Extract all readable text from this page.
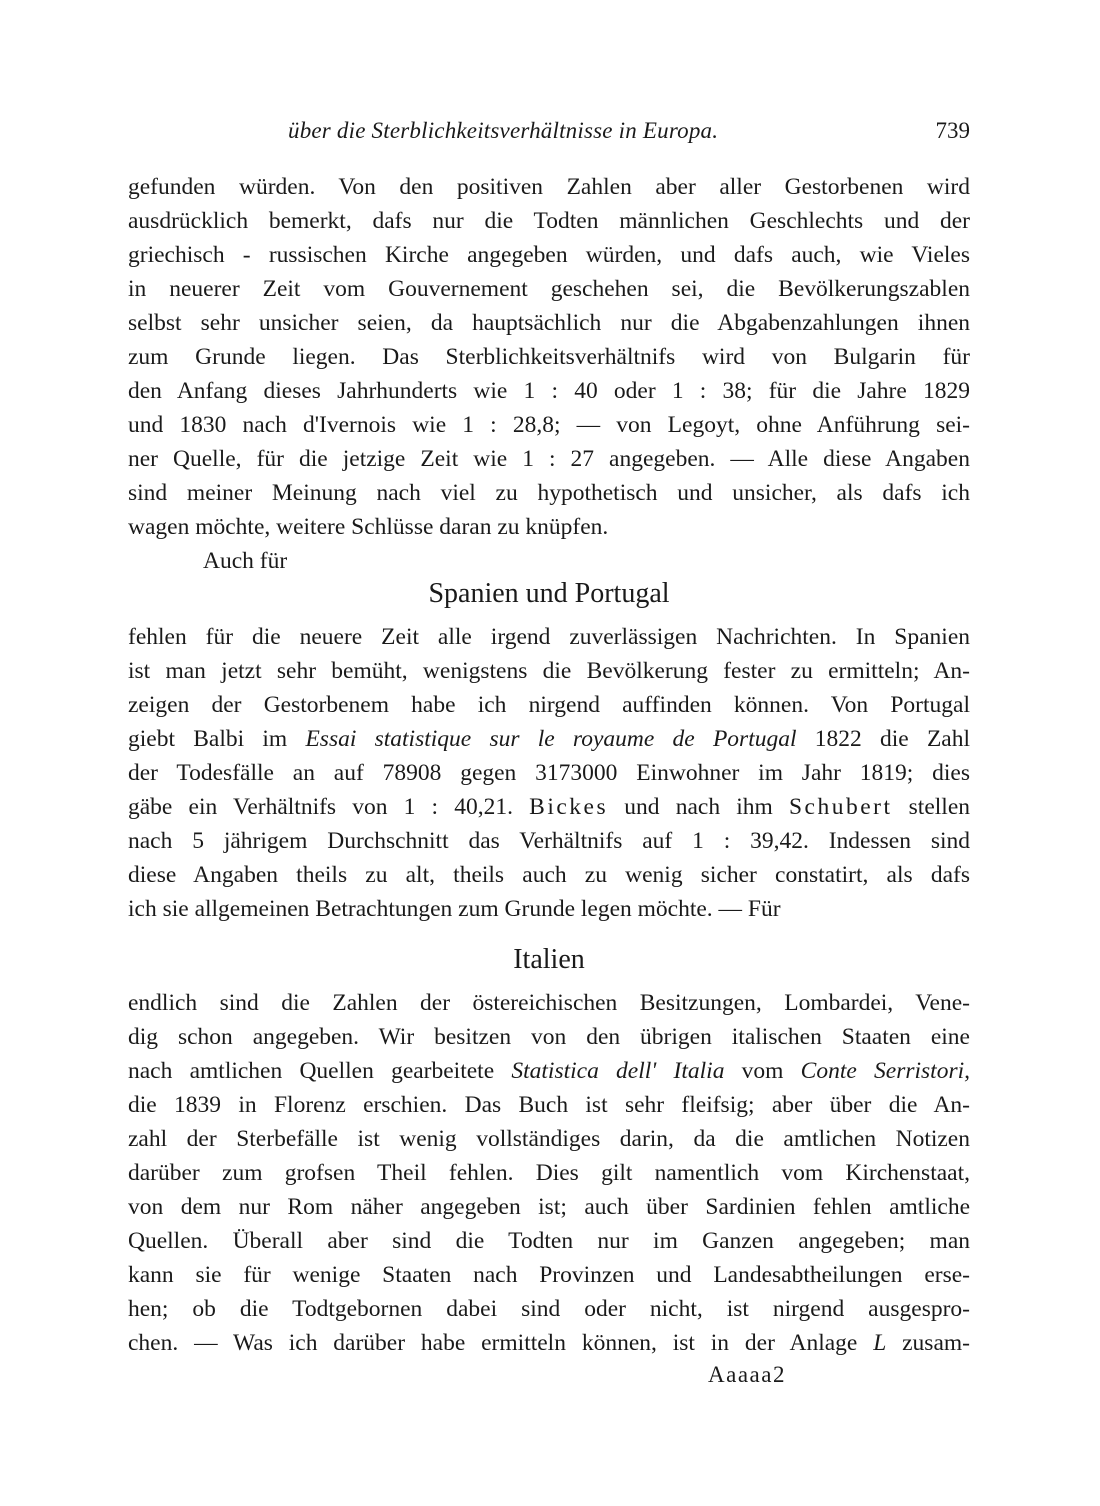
über die Sterblichkeitsverhältnisse in Europa.	739
gefunden würden. Von den positiven Zahlen aber aller Gestorbenen wird
ausdrücklich bemerkt, dafs nur die Todten männlichen Geschlechts und der
griechisch - russischen Kirche angegeben würden, und dafs auch, wie Vieles
in neuerer Zeit vom Gouvernement geschehen sei, die Bevölkerungszablen
selbst sehr unsicher seien, da hauptsächlich nur die Abgabenzahlungen ihnen
zum Grunde liegen. Das Sterblichkeitsverhältnifs wird von Bulgarin für
den Anfang dieses Jahrhunderts wie 1 : 40 oder 1 : 38; für die Jahre 1829
und 1830 nach d'Ivernois wie 1 : 28,8; — von Legoyt, ohne Anführung sei-
ner Quelle, für die jetzige Zeit wie 1 : 27 angegeben. — Alle diese Angaben
sind meiner Meinung nach viel zu hypothetisch und unsicher, als dafs ich
wagen möchte, weitere Schlüsse daran zu knüpfen.
Auch für
Spanien und Portugal
fehlen für die neuere Zeit alle irgend zuverlässigen Nachrichten. In Spanien
ist man jetzt sehr bemüht, wenigstens die Bevölkerung fester zu ermitteln; An-
zeigen der Gestorbenem habe ich nirgend auffinden können. Von Portugal
giebt Balbi im Essai statistique sur le royaume de Portugal 1822 die Zahl
der Todesfälle an auf 78908 gegen 3173000 Einwohner im Jahr 1819; dies
gäbe ein Verhältnifs von 1 : 40,21. Bickes und nach ihm Schubert stellen
nach 5 jährigem Durchschnitt das Verhältnifs auf 1 : 39,42. Indessen sind
diese Angaben theils zu alt, theils auch zu wenig sicher constatirt, als dafs
ich sie allgemeinen Betrachtungen zum Grunde legen möchte. — Für
Italien
endlich sind die Zahlen der östereichischen Besitzungen, Lombardei, Vene-
dig schon angegeben. Wir besitzen von den übrigen italischen Staaten eine
nach amtlichen Quellen gearbeitete Statistica dell' Italia vom Conte Serristori,
die 1839 in Florenz erschien. Das Buch ist sehr fleifsig; aber über die An-
zahl der Sterbefälle ist wenig vollständiges darin, da die amtlichen Notizen
darüber zum grofsen Theil fehlen. Dies gilt namentlich vom Kirchenstaat,
von dem nur Rom näher angegeben ist; auch über Sardinien fehlen amtliche
Quellen. Überall aber sind die Todten nur im Ganzen angegeben; man
kann sie für wenige Staaten nach Provinzen und Landesabtheilungen erse-
hen; ob die Todtgebornen dabei sind oder nicht, ist nirgend ausgespro-
chen. — Was ich darüber habe ermitteln können, ist in der Anlage L zusam-
Aaaaa2
